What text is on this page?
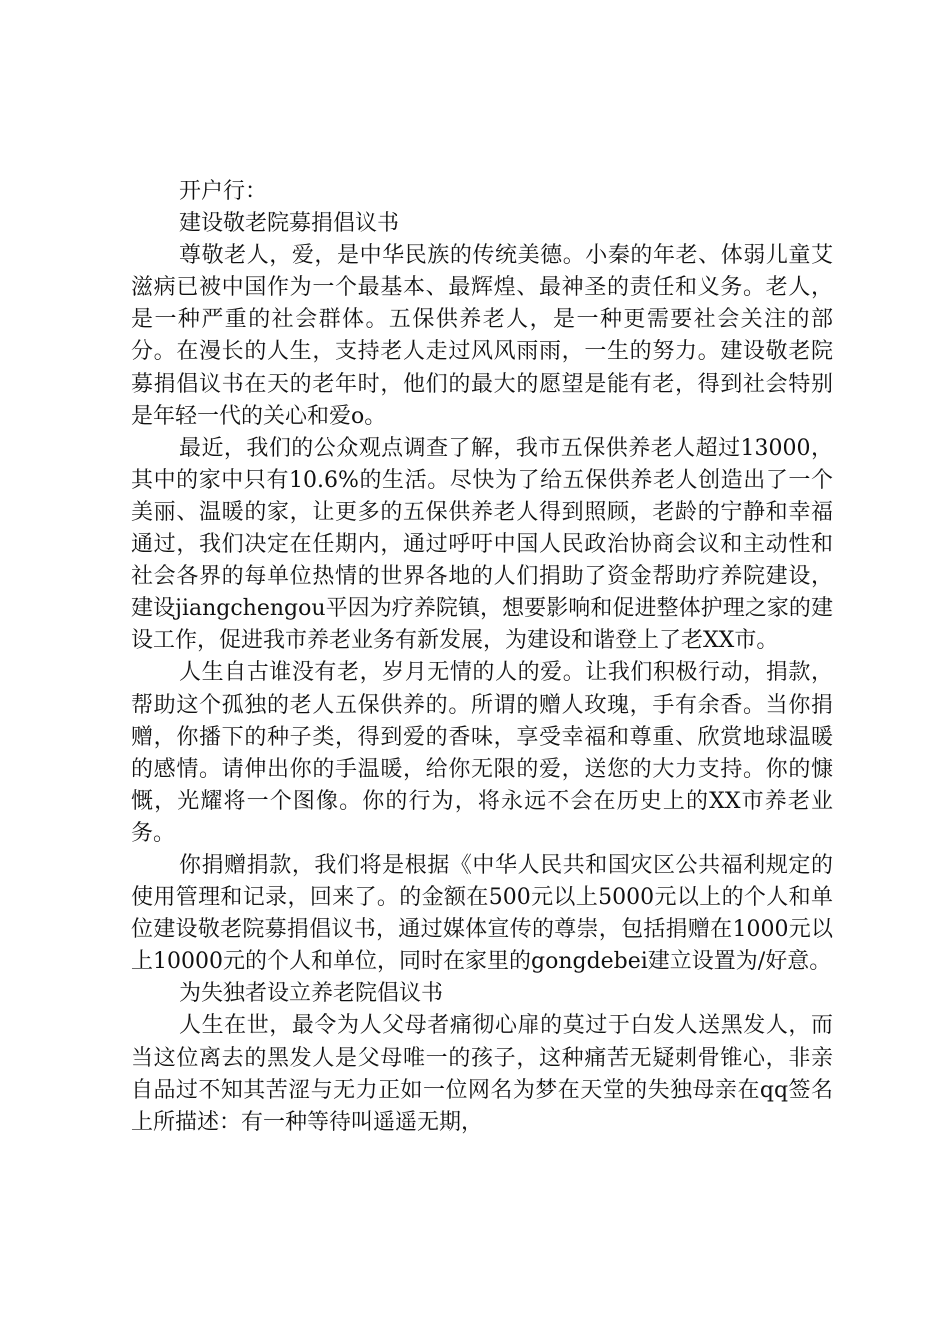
开户行：

建设敬老院募捐倡议书

尊敬老人，爱，是中华民族的传统美德。小秦的年老、体弱儿童艾滋病已被中国作为一个最基本、最辉煌、最神圣的责任和义务。老人，是一种严重的社会群体。五保供养老人，是一种更需要社会关注的部分。在漫长的人生，支持老人走过风风雨雨，一生的努力。建设敬老院募捐倡议书在天的老年时，他们的最大的愿望是能有老，得到社会特别是年轻一代的关心和爱o。

最近，我们的公众观点调查了解，我市五保供养老人超过13000，其中的家中只有10.6%的生活。尽快为了给五保供养老人创造出了一个美丽、温暖的家，让更多的五保供养老人得到照顾，老龄的宁静和幸福通过，我们决定在任期内，通过呼吁中国人民政治协商会议和主动性和社会各界的每单位热情的世界各地的人们捐助了资金帮助疗养院建设，建设jiangchengou平因为疗养院镇，想要影响和促进整体护理之家的建设工作，促进我市养老业务有新发展，为建设和谐登上了老XX市。

人生自古谁没有老，岁月无情的人的爱。让我们积极行动，捐款，帮助这个孤独的老人五保供养的。所谓的赠人玫瑰，手有余香。当你捐赠，你播下的种子类，得到爱的香味，享受幸福和尊重、欣赏地球温暖的感情。请伸出你的手温暖，给你无限的爱，送您的大力支持。你的慷慨，光耀将一个图像。你的行为，将永远不会在历史上的XX市养老业务。

你捐赠捐款，我们将是根据《中华人民共和国灾区公共福利规定的使用管理和记录，回来了。的金额在500元以上5000元以上的个人和单位建设敬老院募捐倡议书，通过媒体宣传的尊崇，包括捐赠在1000元以上10000元的个人和单位，同时在家里的gongdebei建立设置为/好意。

为失独者设立养老院倡议书

人生在世，最令为人父母者痛彻心扉的莫过于白发人送黑发人，而当这位离去的黑发人是父母唯一的孩子，这种痛苦无疑刺骨锥心，非亲自品过不知其苦涩与无力正如一位网名为梦在天堂的失独母亲在qq签名上所描述：有一种等待叫遥遥无期，
